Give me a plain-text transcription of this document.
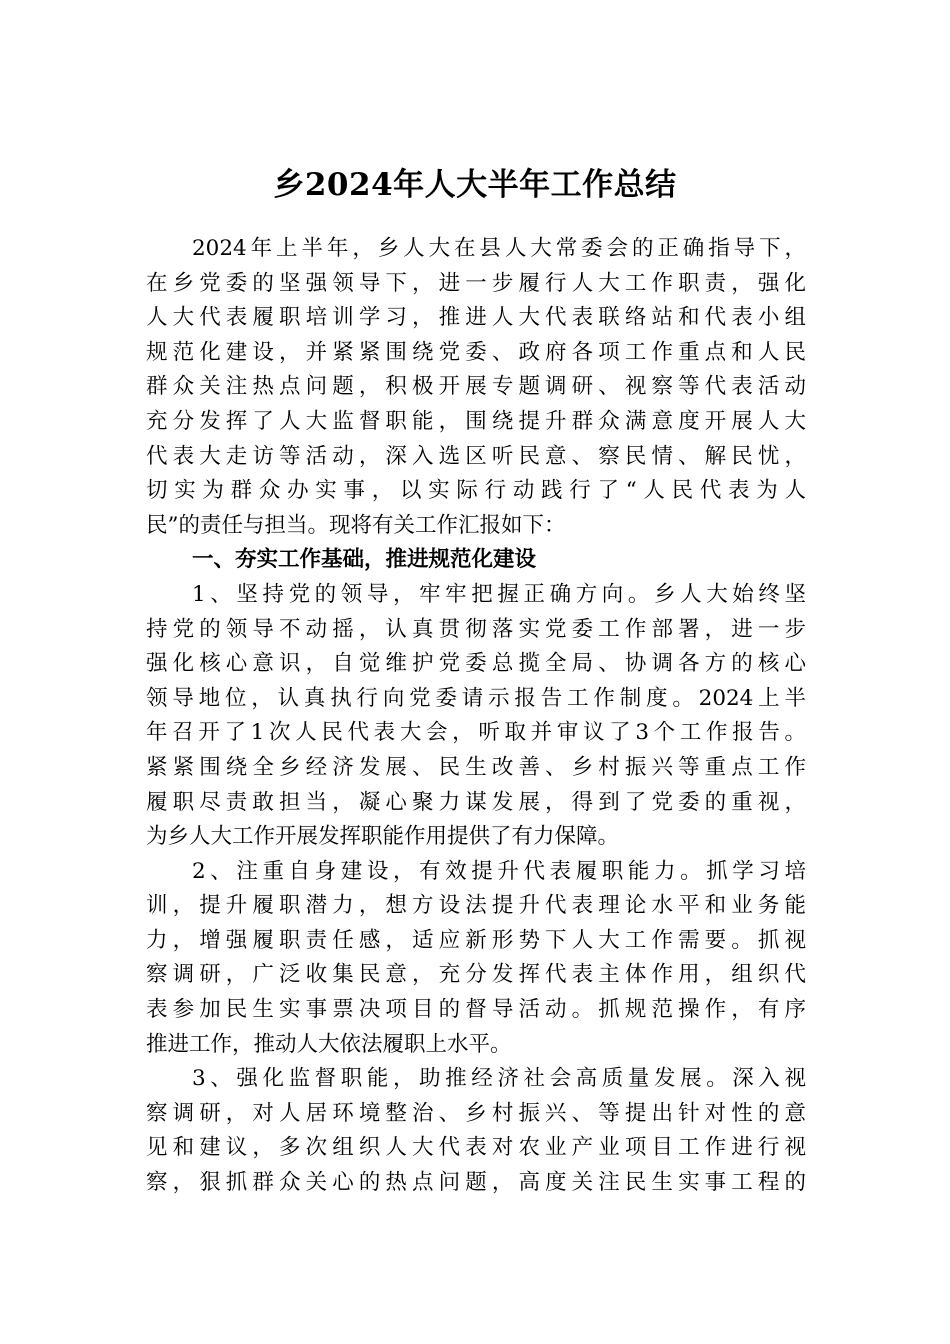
乡2024年人大半年工作总结
2024年上半年，乡人大在县人大常委会的正确指导下，
在乡党委的坚强领导下，进一步履行人大工作职责，强化
人大代表履职培训学习，推进人大代表联络站和代表小组
规范化建设，并紧紧围绕党委、政府各项工作重点和人民
群众关注热点问题，积极开展专题调研、视察等代表活动
充分发挥了人大监督职能，围绕提升群众满意度开展人大
代表大走访等活动，深入选区听民意、察民情、解民忧，
切实为群众办实事，以实际行动践行了“人民代表为人
民”的责任与担当。现将有关工作汇报如下：
一、夯实工作基础，推进规范化建设
1、坚持党的领导，牢牢把握正确方向。乡人大始终坚
持党的领导不动摇，认真贯彻落实党委工作部署，进一步
强化核心意识，自觉维护党委总揽全局、协调各方的核心
领导地位，认真执行向党委请示报告工作制度。2024上半
年召开了1次人民代表大会，听取并审议了3个工作报告。
紧紧围绕全乡经济发展、民生改善、乡村振兴等重点工作
履职尽责敢担当，凝心聚力谋发展，得到了党委的重视，
为乡人大工作开展发挥职能作用提供了有力保障。
2、注重自身建设，有效提升代表履职能力。抓学习培
训，提升履职潜力，想方设法提升代表理论水平和业务能
力，增强履职责任感，适应新形势下人大工作需要。抓视
察调研，广泛收集民意，充分发挥代表主体作用，组织代
表参加民生实事票决项目的督导活动。抓规范操作，有序
推进工作，推动人大依法履职上水平。
3、强化监督职能，助推经济社会高质量发展。深入视
察调研，对人居环境整治、乡村振兴、等提出针对性的意
见和建议，多次组织人大代表对农业产业项目工作进行视
察，狠抓群众关心的热点问题，高度关注民生实事工程的
